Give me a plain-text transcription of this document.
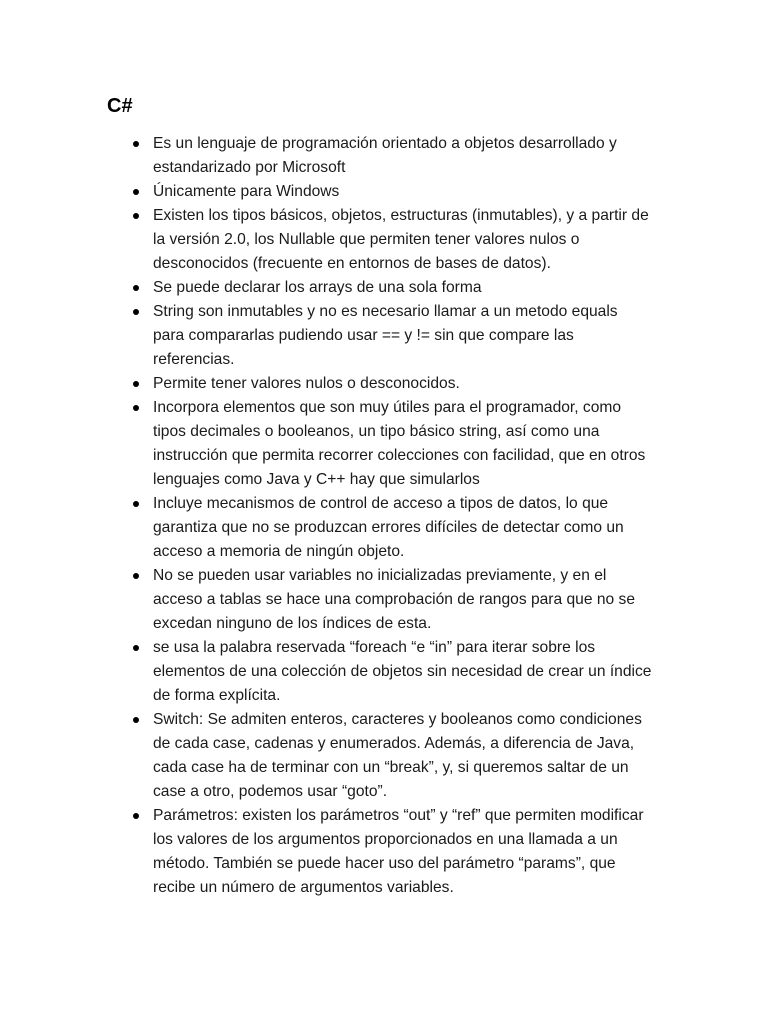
C#
Es un lenguaje de programación orientado a objetos desarrollado y estandarizado por Microsoft
Únicamente para Windows
Existen los tipos básicos, objetos, estructuras (inmutables), y a partir de la versión 2.0, los Nullable que permiten tener valores nulos o desconocidos (frecuente en entornos de bases de datos).
Se puede declarar los arrays de una sola forma
String son inmutables y no es necesario llamar a un metodo equals para compararlas pudiendo usar == y != sin que compare las referencias.
Permite tener valores nulos o desconocidos.
Incorpora elementos que son muy útiles para el programador, como tipos decimales o booleanos, un tipo básico string, así como una instrucción que permita recorrer colecciones con facilidad, que en otros lenguajes como Java y C++ hay que simularlos
Incluye mecanismos de control de acceso a tipos de datos, lo que garantiza que no se produzcan errores difíciles de detectar como un acceso a memoria de ningún objeto.
No se pueden usar variables no inicializadas previamente, y en el acceso a tablas se hace una comprobación de rangos para que no se excedan ninguno de los índices de esta.
se usa la palabra reservada “foreach “e “in” para iterar sobre los elementos de una colección de objetos sin necesidad de crear un índice de forma explícita.
Switch: Se admiten enteros, caracteres y booleanos como condiciones de cada case, cadenas y enumerados. Además, a diferencia de Java, cada case ha de terminar con un “break”, y, si queremos saltar de un case a otro, podemos usar “goto”.
Parámetros: existen los parámetros “out” y “ref” que permiten modificar los valores de los argumentos proporcionados en una llamada a un método. También se puede hacer uso del parámetro “params”, que recibe un número de argumentos variables.
